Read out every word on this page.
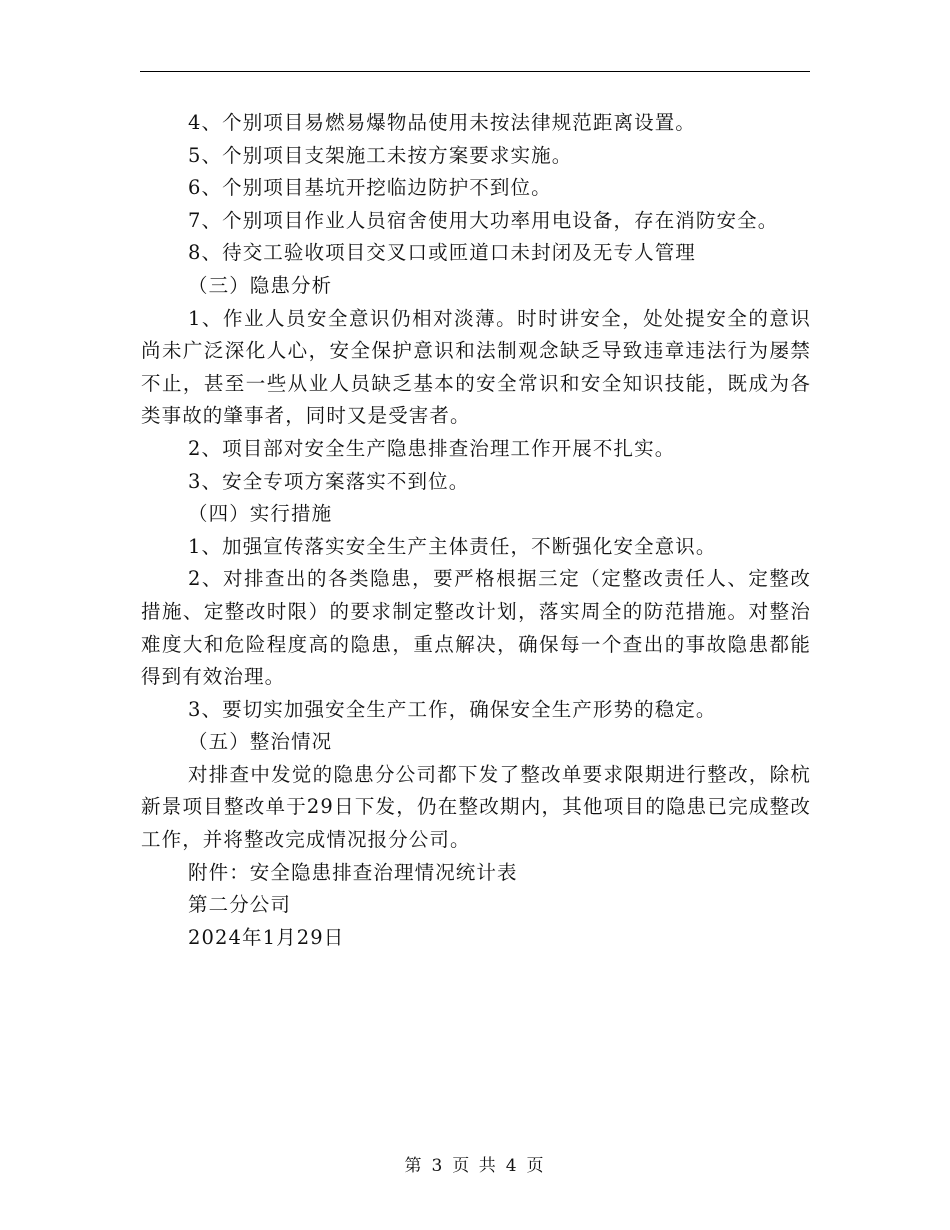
4、个别项目易燃易爆物品使用未按法律规范距离设置。

5、个别项目支架施工未按方案要求实施。

6、个别项目基坑开挖临边防护不到位。

7、个别项目作业人员宿舍使用大功率用电设备，存在消防安全。

8、待交工验收项目交叉口或匝道口未封闭及无专人管理

（三）隐患分析

1、作业人员安全意识仍相对淡薄。时时讲安全，处处提安全的意识尚未广泛深化人心，安全保护意识和法制观念缺乏导致违章违法行为屡禁不止，甚至一些从业人员缺乏基本的安全常识和安全知识技能，既成为各类事故的肇事者，同时又是受害者。

2、项目部对安全生产隐患排查治理工作开展不扎实。

3、安全专项方案落实不到位。

（四）实行措施

1、加强宣传落实安全生产主体责任，不断强化安全意识。

2、对排查出的各类隐患，要严格根据三定（定整改责任人、定整改措施、定整改时限）的要求制定整改计划，落实周全的防范措施。对整治难度大和危险程度高的隐患，重点解决，确保每一个查出的事故隐患都能得到有效治理。

3、要切实加强安全生产工作，确保安全生产形势的稳定。

（五）整治情况

对排查中发觉的隐患分公司都下发了整改单要求限期进行整改，除杭新景项目整改单于29日下发，仍在整改期内，其他项目的隐患已完成整改工作，并将整改完成情况报分公司。

附件：安全隐患排查治理情况统计表

第二分公司

2024年1月29日

第 3 页 共 4 页
